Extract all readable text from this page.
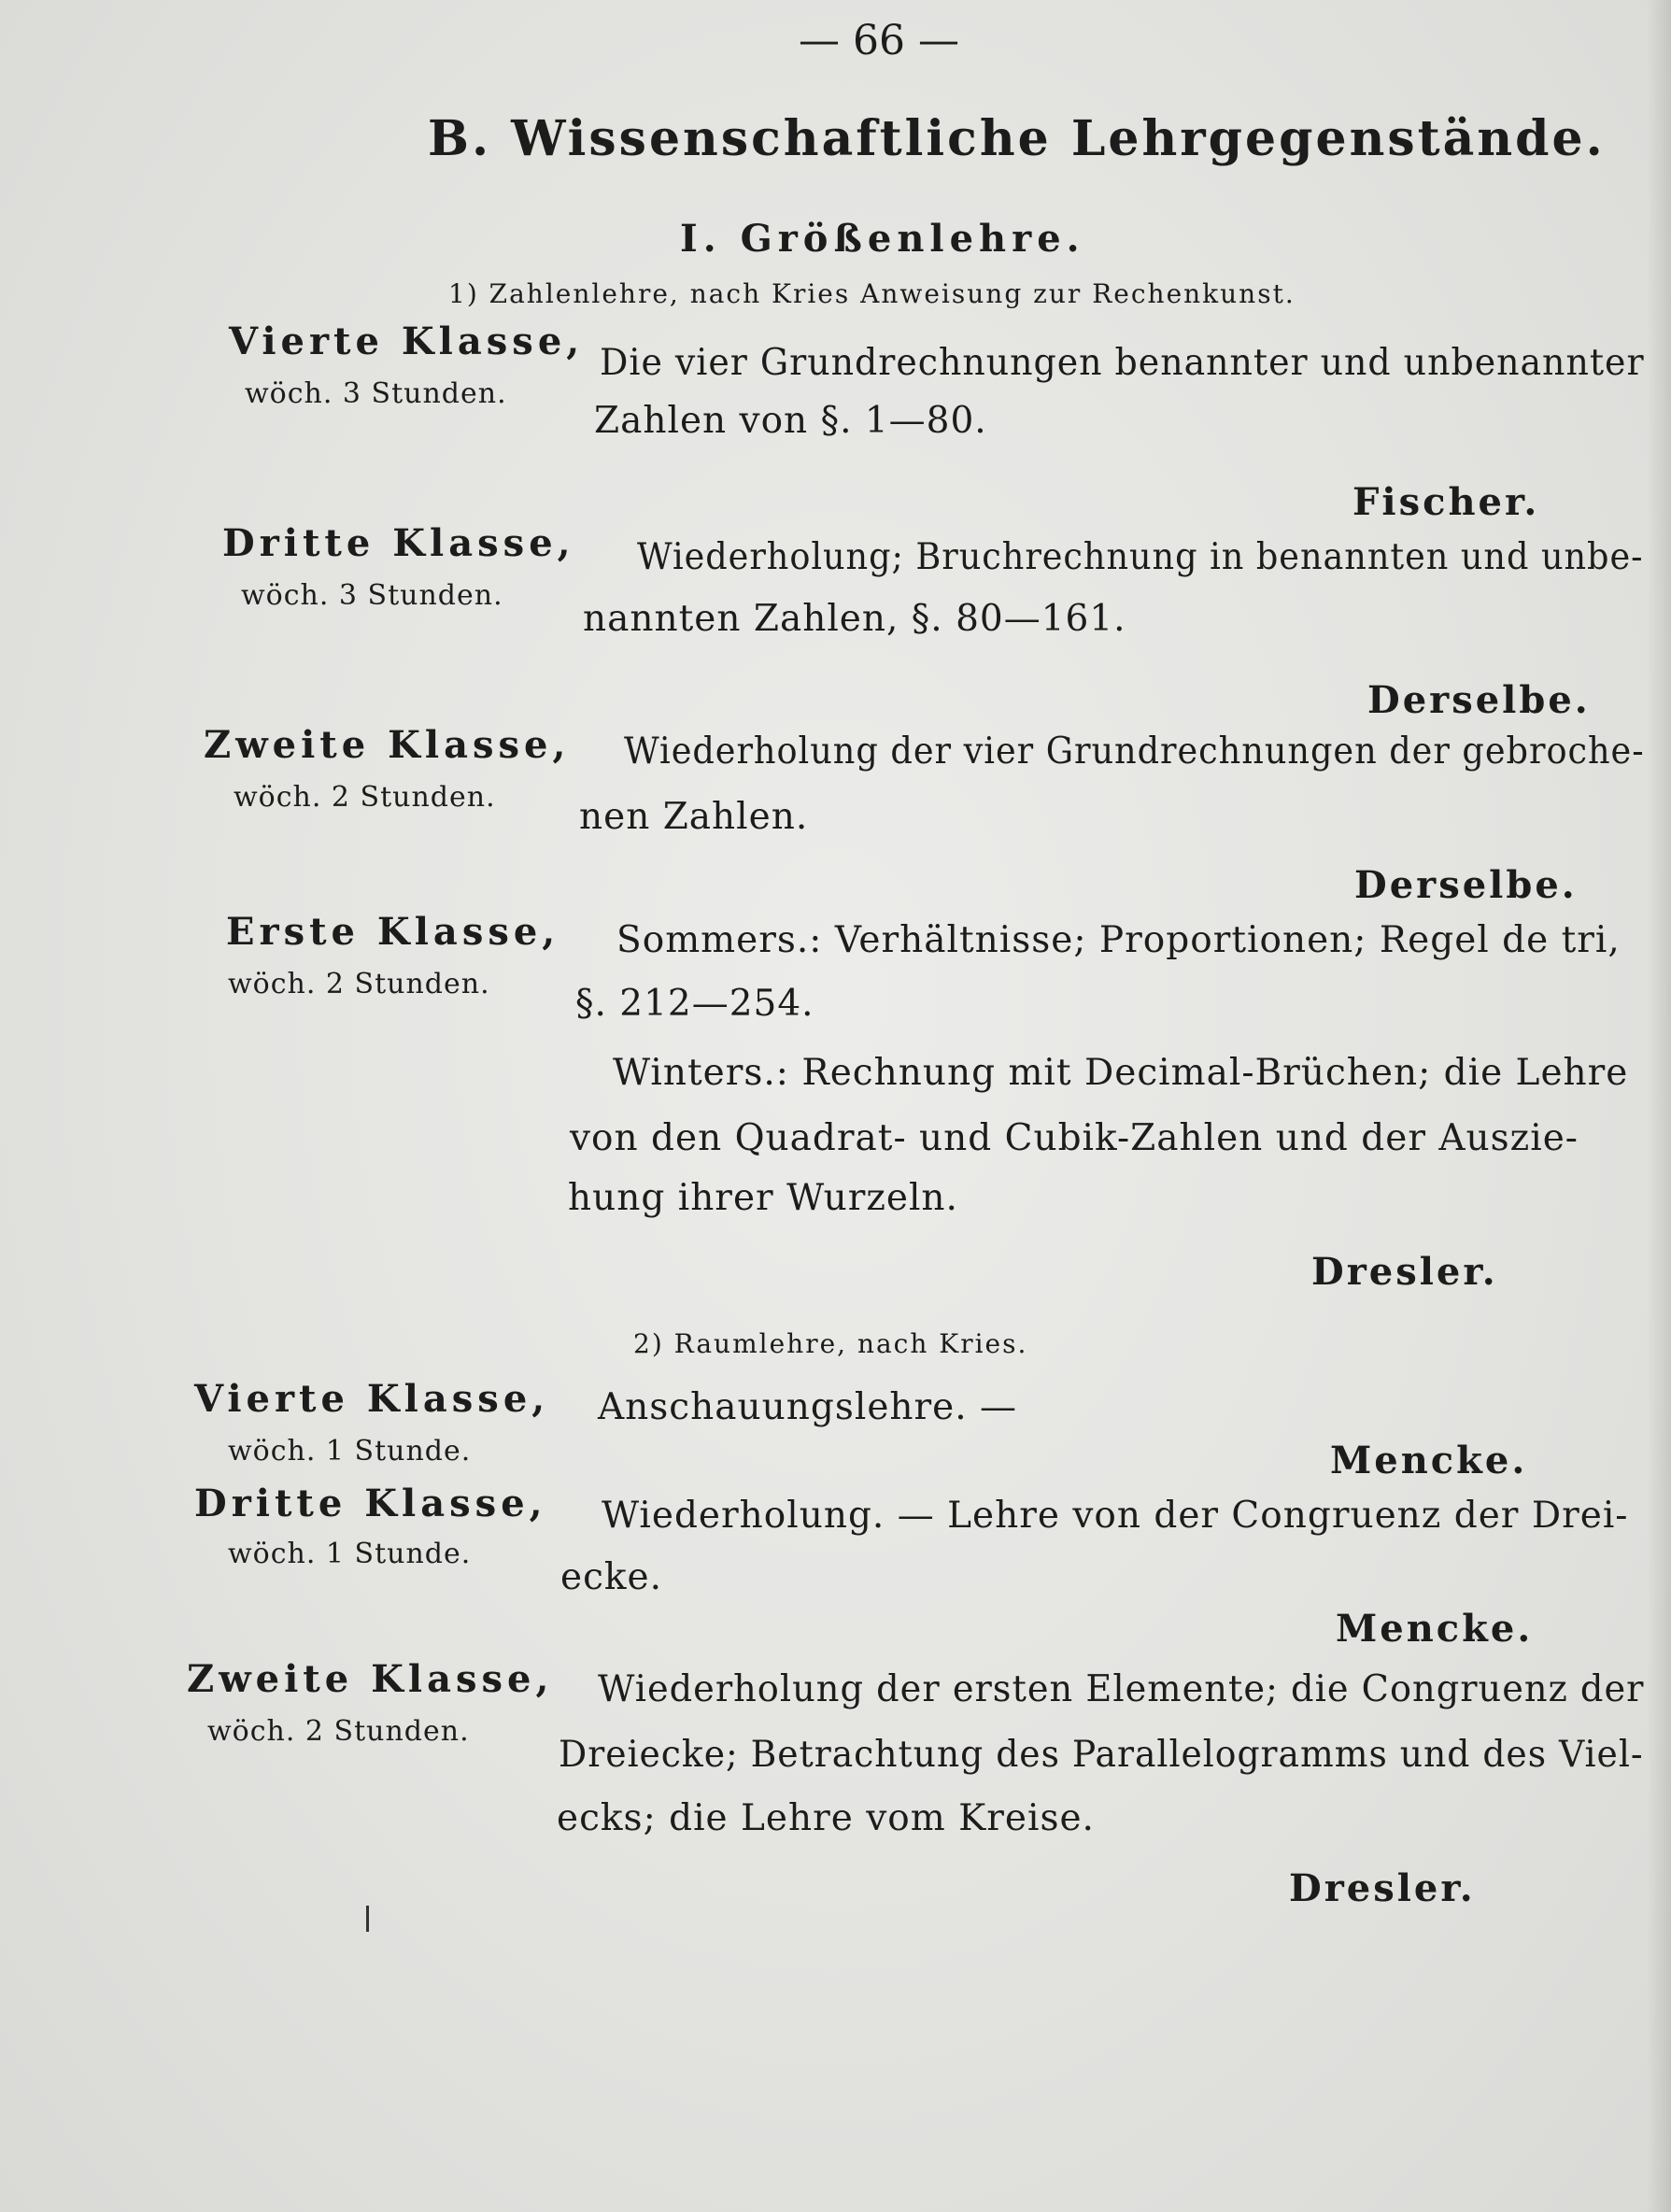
— 66 —
B. Wissenschaftliche Lehrgegenstände.
I. Größenlehre.
1) Zahlenlehre, nach Kries Anweisung zur Rechenkunst.
Vierte Klasse,
wöch. 3 Stunden.
Die vier Grundrechnungen benannter und unbenannter
Zahlen von §. 1—80.
Fischer.
Dritte Klasse,
wöch. 3 Stunden.
Wiederholung; Bruchrechnung in benannten und unbe-
nannten Zahlen, §. 80—161.
Derselbe.
Zweite Klasse,
wöch. 2 Stunden.
Wiederholung der vier Grundrechnungen der gebroche-
nen Zahlen.
Derselbe.
Erste Klasse,
wöch. 2 Stunden.
Sommers.: Verhältnisse; Proportionen; Regel de tri,
§. 212—254.
Winters.: Rechnung mit Decimal-Brüchen; die Lehre
von den Quadrat- und Cubik-Zahlen und der Auszie-
hung ihrer Wurzeln.
Dresler.
2) Raumlehre, nach Kries.
Vierte Klasse,
wöch. 1 Stunde.
Anschauungslehre. —
Mencke.
Dritte Klasse,
wöch. 1 Stunde.
Wiederholung. — Lehre von der Congruenz der Drei-
ecke.
Mencke.
Zweite Klasse,
wöch. 2 Stunden.
Wiederholung der ersten Elemente; die Congruenz der
Dreiecke; Betrachtung des Parallelogramms und des Viel-
ecks; die Lehre vom Kreise.
Dresler.
